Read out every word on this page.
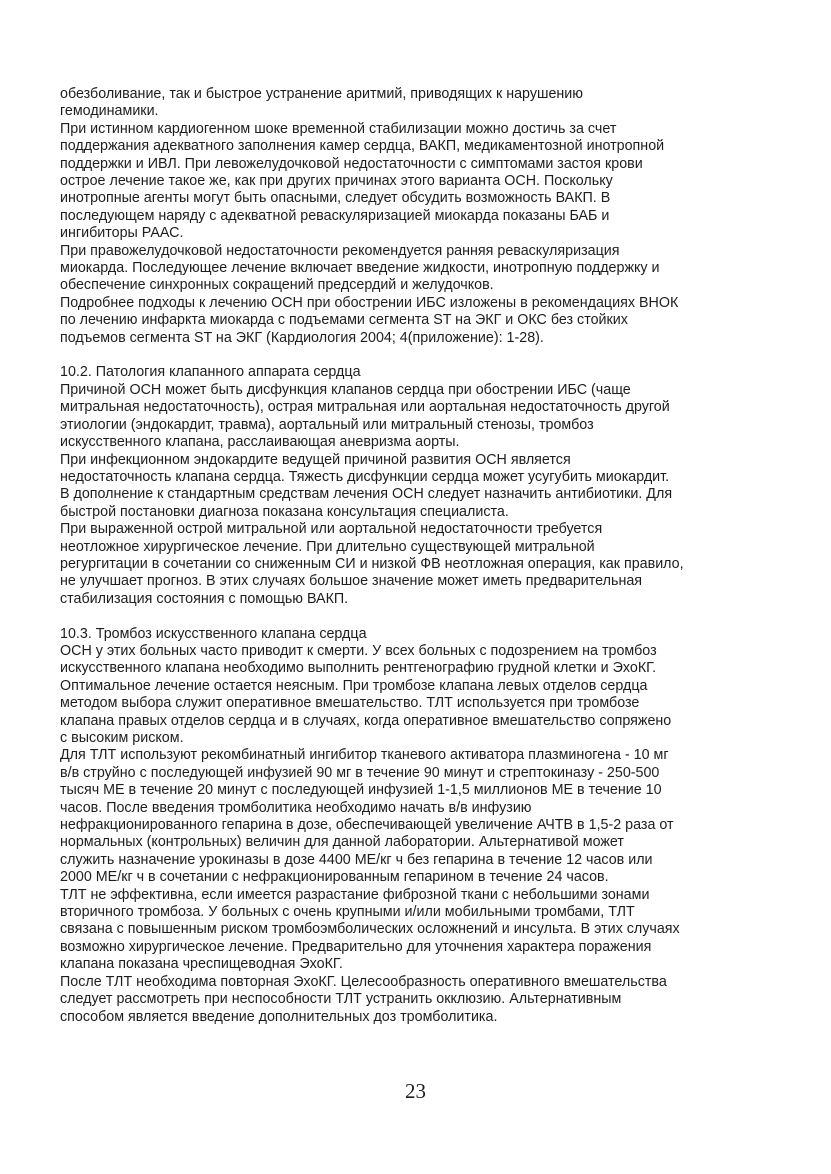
обезболивание, так и быстрое устранение аритмий, приводящих к нарушению
гемодинамики.

При истинном кардиогенном шоке временной стабилизации можно достичь за счет
поддержания адекватного заполнения камер сердца, ВАКП, медикаментозной инотропной
поддержки и ИВЛ. При левожелудочковой недостаточности с симптомами застоя крови
острое лечение такое же, как при других причинах этого варианта ОСН. Поскольку
инотропные агенты могут быть опасными, следует обсудить возможность ВАКП. В
последующем наряду с адекватной реваскуляризацией миокарда показаны БАБ и
ингибиторы РААС.

При правожелудочковой недостаточности рекомендуется ранняя реваскуляризация
миокарда. Последующее лечение включает введение жидкости, инотропную поддержку и
обеспечение синхронных сокращений предсердий и желудочков.

Подробнее подходы к лечению ОСН при обострении ИБС изложены в рекомендациях ВНОК
по лечению инфаркта миокарда с подъемами сегмента ST на ЭКГ и ОКС без стойких
подъемов сегмента ST на ЭКГ (Кардиология 2004; 4(приложение): 1-28).

10.2. Патология клапанного аппарата сердца

Причиной ОСН может быть дисфункция клапанов сердца при обострении ИБС (чаще
митральная недостаточность), острая митральная или аортальная недостаточность другой
этиологии (эндокардит, травма), аортальный или митральный стенозы, тромбоз
искусственного клапана, расслаивающая аневризма аорты.

При инфекционном эндокардите ведущей причиной развития ОСН является
недостаточность клапана сердца. Тяжесть дисфункции сердца может усугубить миокардит.
В дополнение к стандартным средствам лечения ОСН следует назначить антибиотики. Для
быстрой постановки диагноза показана консультация специалиста.

При выраженной острой митральной или аортальной недостаточности требуется
неотложное хирургическое лечение. При длительно существующей митральной
регургитации в сочетании со сниженным СИ и низкой ФВ неотложная операция, как правило,
не улучшает прогноз. В этих случаях большое значение может иметь предварительная
стабилизация состояния с помощью ВАКП.

10.3. Тромбоз искусственного клапана сердца

ОСН у этих больных часто приводит к смерти. У всех больных с подозрением на тромбоз
искусственного клапана необходимо выполнить рентгенографию грудной клетки и ЭхоКГ.
Оптимальное лечение остается неясным. При тромбозе клапана левых отделов сердца
методом выбора служит оперативное вмешательство. ТЛТ используется при тромбозе
клапана правых отделов сердца и в случаях, когда оперативное вмешательство сопряжено
с высоким риском.

Для ТЛТ используют рекомбинатный ингибитор тканевого активатора плазминогена - 10 мг
в/в струйно с последующей инфузией 90 мг в течение 90 минут и стрептокиназу - 250-500
тысяч МЕ в течение 20 минут с последующей инфузией 1-1,5 миллионов МЕ в течение 10
часов. После введения тромболитика необходимо начать в/в инфузию
нефракционированного гепарина в дозе, обеспечивающей увеличение АЧТВ в 1,5-2 раза от
нормальных (контрольных) величин для данной лаборатории. Альтернативой может
служить назначение урокиназы в дозе 4400 МЕ/кг ч без гепарина в течение 12 часов или
2000 МЕ/кг ч в сочетании с нефракционированным гепарином в течение 24 часов.

ТЛТ не эффективна, если имеется разрастание фиброзной ткани с небольшими зонами
вторичного тромбоза. У больных с очень крупными и/или мобильными тромбами, ТЛТ
связана с повышенным риском тромбоэмболических осложнений и инсульта. В этих случаях
возможно хирургическое лечение. Предварительно для уточнения характера поражения
клапана показана чреспищеводная ЭхоКГ.

После ТЛТ необходима повторная ЭхоКГ. Целесообразность оперативного вмешательства
следует рассмотреть при неспособности ТЛТ устранить окклюзию. Альтернативным
способом является введение дополнительных доз тромболитика.

23
